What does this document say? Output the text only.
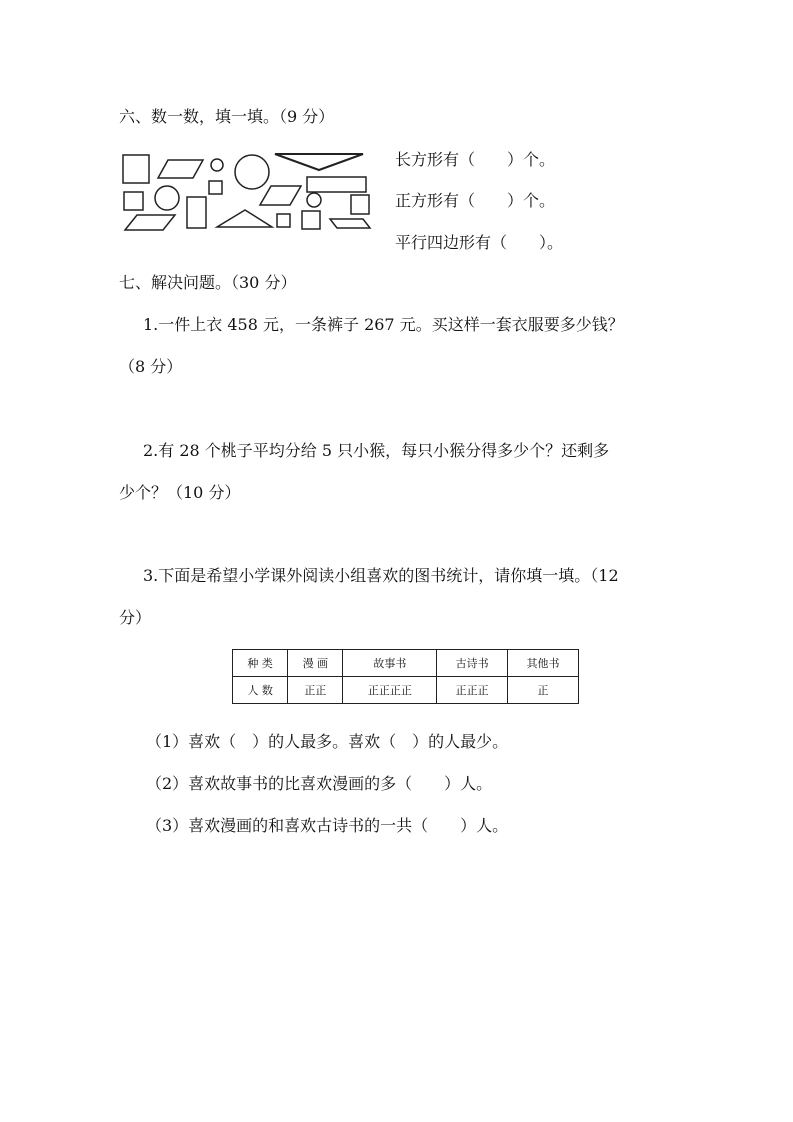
六、数一数，填一填。（9 分）
长方形有（　　）个。
正方形有（　　）个。
平行四边形有（　　）。
七、解决问题。（30 分）
1.一件上衣 458 元，一条裤子 267 元。买这样一套衣服要多少钱？
（8 分）
2.有 28 个桃子平均分给 5 只小猴，每只小猴分得多少个？还剩多
少个？（10 分）
3.下面是希望小学课外阅读小组喜欢的图书统计，请你填一填。（12
分）
种 类	漫 画	故事书	古诗书	其他书
人 数	正正	正正正正	正正正	正
（1）喜欢（　）的人最多。喜欢（　）的人最少。
（2）喜欢故事书的比喜欢漫画的多（　　）人。
（3）喜欢漫画的和喜欢古诗书的一共（　　）人。
